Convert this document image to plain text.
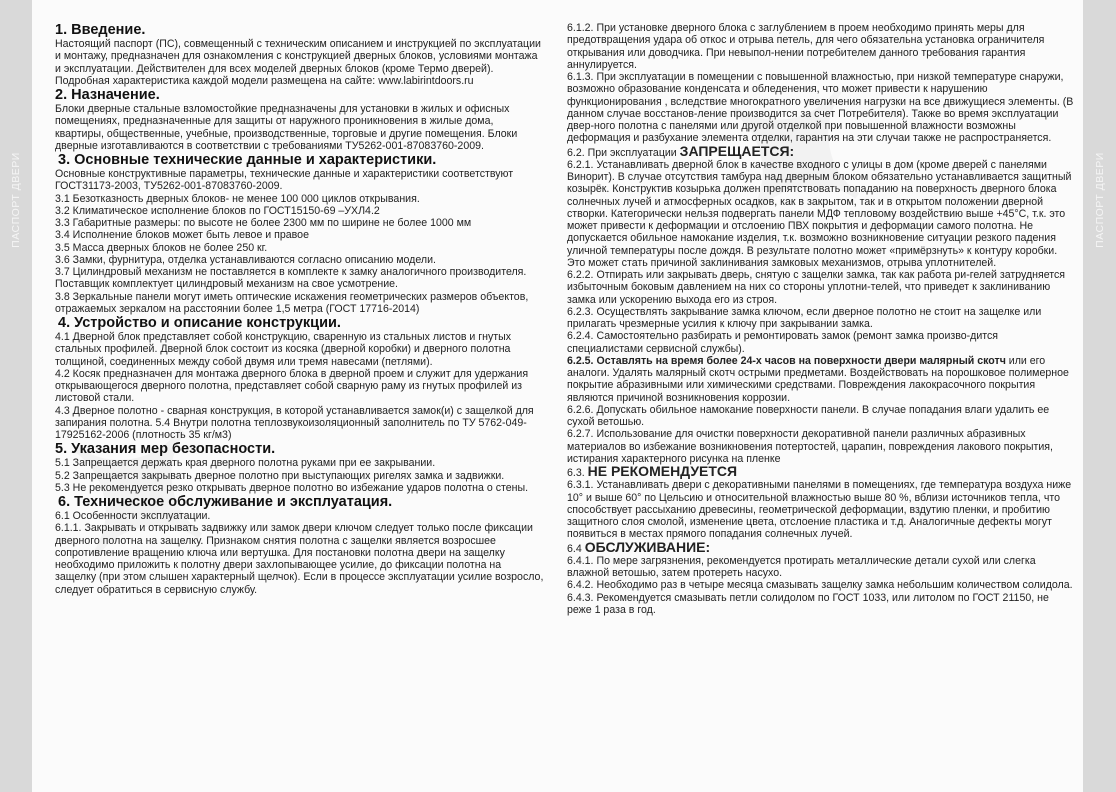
ПАСПОРТ ДВЕРИ	ПАСПОРТ ДВЕРИ
1. Введение.

Настоящий паспорт (ПС), совмещенный с техническим описанием и инструкцией по эксплуатации и монтажу, предназначен для ознакомления с конструкцией дверных блоков, условиями монтажа и эксплуатации. Действителен для всех моделей дверных блоков (кроме Термо дверей). Подробная характеристика каждой модели размещена на сайте: www.labirintdoors.ru

2. Назначение.

Блоки дверные стальные взломостойкие предназначены для установки в жилых и офисных помещениях, предназначенные для защиты от наружного проникновения в жилые дома, квартиры, общественные, учебные, производственные, торговые и другие помещения. Блоки дверные изготавливаются в соответствии с требованиями ТУ5262-001-87083760-2009.

3. Основные технические данные и характеристики.

Основные конструктивные параметры, технические данные и характеристики соответствуют ГОСТ31173-2003, ТУ5262-001-87083760-2009.

3.1 Безотказность дверных блоков- не менее 100 000 циклов открывания.

3.2 Климатическое исполнение блоков по ГОСТ15150-69 –УХЛ4.2

3.3 Габаритные размеры: по высоте не более 2300 мм по ширине не более 1000 мм

3.4 Исполнение блоков может быть левое и правое

3.5 Масса дверных блоков не более 250 кг.

3.6 Замки, фурнитура, отделка устанавливаются согласно описанию модели.

3.7 Цилиндровый механизм не поставляется в комплекте к замку аналогичного производителя. Поставщик комплектует цилиндровый механизм на свое усмотрение.

3.8 Зеркальные панели могут иметь оптические искажения геометрических размеров объектов, отражаемых зеркалом на расстоянии более 1,5 метра (ГОСТ 17716-2014)

4. Устройство и описание конструкции.

4.1 Дверной блок представляет собой конструкцию, сваренную из стальных листов и гнутых стальных профилей. Дверной блок состоит из косяка (дверной коробки) и дверного полотна толщиной, соединенных между собой двумя или тремя навесами (петлями).

4.2 Косяк предназначен для монтажа дверного блока в дверной проем и служит для удержания открывающегося дверного полотна, представляет собой сварную раму из гнутых профилей из листовой стали.

4.3 Дверное полотно - сварная конструкция, в которой устанавливается замок(и) с защелкой для запирания полотна. 5.4 Внутри полотна теплозвукоизоляционный заполнитель по ТУ 5762-049-17925162-2006 (плотность 35 кг/м3)

5. Указания мер безопасности.

5.1 Запрещается держать края дверного полотна руками при ее закрывании.

5.2 Запрещается закрывать дверное полотно при выступающих ригелях замка и задвижки.

5.3 Не рекомендуется резко открывать дверное полотно во избежание ударов полотна о стены.

6. Техническое обслуживание и эксплуатация.

6.1 Особенности эксплуатации.

6.1.1. Закрывать и открывать задвижку или замок двери ключом следует только после фиксации дверного полотна на защелку. Признаком снятия полотна с защелки является возросшее сопротивление вращению ключа или вертушка. Для постановки полотна двери на защелку необходимо приложить к полотну двери захлопывающее усилие, до фиксации полотна на защелку (при этом слышен характерный щелчок). Если в процессе эксплуатации усилие возросло, следует обратиться в сервисную службу.

6.1.2. При установке дверного блока с заглублением в проем необходимо принять меры для предотвращения удара об откос и отрыва петель, для чего обязательна установка ограничителя открывания или доводчика. При невыпол-нении потребителем данного требования гарантия аннулируется.

6.1.3. При эксплуатации в помещении с повышенной влажностью, при низкой температуре снаружи, возможно образование конденсата и обледенения, что может привести к нарушению функционирования , вследствие многократного увеличения нагрузки на все движущиеся элементы. (В данном случае восстанов-ление производится за счет Потребителя). Также во время эксплуатации двер-ного полотна с панелями или другой отделкой при повышенной влажности возможны деформация и разбухание элемента отделки, гарантия на эти случаи также не распространяется.

6.2. При эксплуатации ЗАПРЕЩАЕТСЯ:

6.2.1. Устанавливать дверной блок в качестве входного с улицы в дом (кроме дверей с панелями Винорит). В случае отсутствия тамбура над дверным блоком обязательно устанавливается защитный козырёк. Конструктив козырька должен препятствовать попаданию на поверхность дверного блока солнечных лучей и атмосферных осадков, как в закрытом, так и в открытом положении дверной створки. Категорически нельзя подвергать панели МДФ тепловому воздействию выше +45°С, т.к. это может привести к деформации и отслоению ПВХ покрытия и деформации самого полотна. Не допускается обильное намокание изделия, т.к. возможно возникновение ситуации резкого падения уличной температуры после дождя. В результате полотно может «примёрзнуть» к контуру коробки. Это может стать причиной заклинивания замковых механизмов, отрыва уплотнителей.

6.2.2. Отпирать или закрывать дверь, снятую с защелки замка, так как работа ри-гелей затрудняется избыточным боковым давлением на них со стороны уплотни-телей, что приведет к заклиниванию замка или ускорению выхода его из строя.

6.2.3. Осуществлять закрывание замка ключом, если дверное полотно не стоит на защелке или прилагать чрезмерные усилия к ключу при закрывании замка.

6.2.4. Самостоятельно разбирать и ремонтировать замок (ремонт замка произво-дится специалистами сервисной службы).

6.2.5. Оставлять на время более 24-х часов на поверхности двери малярный скотч или его аналоги. Удалять малярный скотч острыми предметами. Воздействовать на порошковое полимерное покрытие абразивными или химическими средствами. Повреждения лакокрасочного покрытия являются причиной возникновения коррозии.

6.2.6. Допускать обильное намокание поверхности панели. В случае попадания влаги удалить ее сухой ветошью.

6.2.7. Использование для очистки поверхности декоративной панели различных абразивных материалов во избежание возникновения потертостей, царапин, повреждения лакового покрытия, истирания характерного рисунка на пленке

6.3. НЕ РЕКОМЕНДУЕТСЯ

6.3.1. Устанавливать двери с декоративными панелями в помещениях, где температура воздуха ниже 10° и выше 60° по Цельсию и относительной влажностью выше 80 %, вблизи источников тепла, что способствует рассыханию древесины, геометрической деформации, вздутию пленки, и пробитию защитного слоя смолой, изменение цвета, отслоение пластика и т.д. Аналогичные дефекты могут появиться в местах прямого попадания солнечных лучей.

6.4 ОБСЛУЖИВАНИЕ:

6.4.1. По мере загрязнения, рекомендуется протирать металлические детали сухой или слегка влажной ветошью, затем протереть насухо.

6.4.2. Необходимо раз в четыре месяца смазывать защелку замка небольшим количеством солидола.

6.4.3. Рекомендуется смазывать петли солидолом по ГОСТ 1033, или литолом по ГОСТ 21150, не реже 1 раза в год.
